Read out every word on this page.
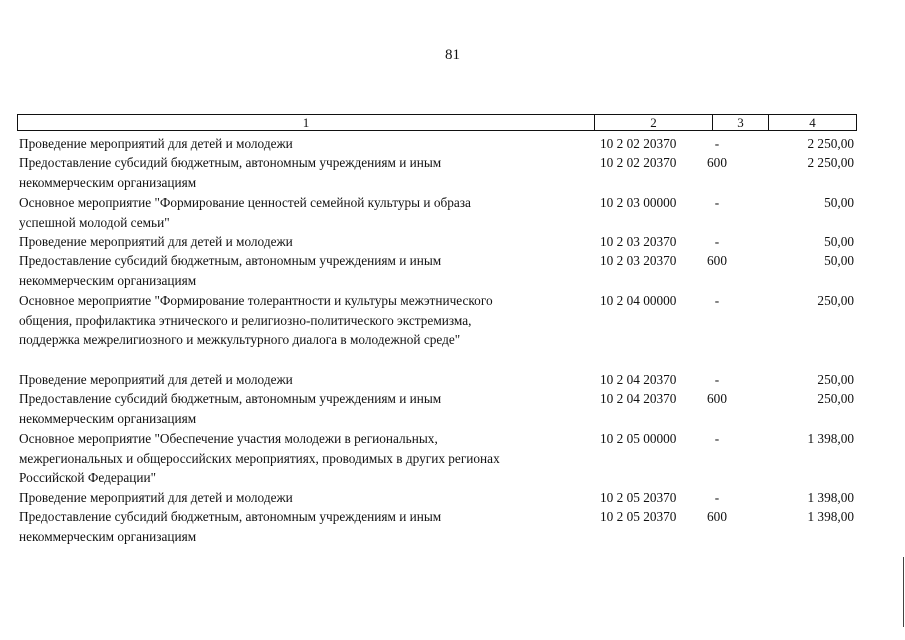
81
1	2	3	4
Проведение мероприятий для детей и молодежи	10 2 02 20370	-	2 250,00
Предоставление субсидий бюджетным, автономным учреждениям и иным
некоммерческим организациям
10 2 02 20370	600	2 250,00
Основное мероприятие "Формирование ценностей семейной культуры и образа
успешной молодой семьи"
10 2 03 00000	-	50,00
Проведение мероприятий для детей и молодежи	10 2 03 20370	-	50,00
Предоставление субсидий бюджетным, автономным учреждениям и иным
некоммерческим организациям
10 2 03 20370	600	50,00
Основное мероприятие "Формирование толерантности и культуры межэтнического
общения, профилактика этнического и религиозно-политического экстремизма,
поддержка межрелигиозного и межкультурного диалога в молодежной среде"
10 2 04 00000	-	250,00
Проведение мероприятий для детей и молодежи	10 2 04 20370	-	250,00
Предоставление субсидий бюджетным, автономным учреждениям и иным
некоммерческим организациям
10 2 04 20370	600	250,00
Основное мероприятие "Обеспечение участия молодежи в региональных,
межрегиональных и общероссийских мероприятиях, проводимых в других регионах
Российской Федерации"
10 2 05 00000	-	1 398,00
Проведение мероприятий для детей и молодежи	10 2 05 20370	-	1 398,00
Предоставление субсидий бюджетным, автономным учреждениям и иным
некоммерческим организациям
10 2 05 20370	600	1 398,00
